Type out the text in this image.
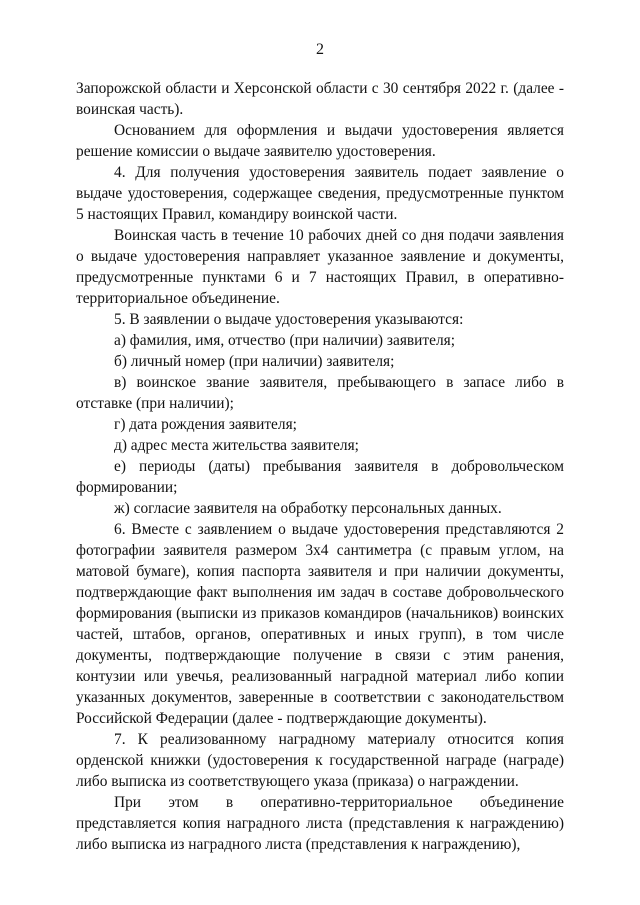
2

Запорожской области и Херсонской области с 30 сентября 2022 г. (далее - воинская часть).

Основанием для оформления и выдачи удостоверения является решение комиссии о выдаче заявителю удостоверения.

4. Для получения удостоверения заявитель подает заявление о выдаче удостоверения, содержащее сведения, предусмотренные пунктом 5 настоящих Правил, командиру воинской части.

Воинская часть в течение 10 рабочих дней со дня подачи заявления о выдаче удостоверения направляет указанное заявление и документы, предусмотренные пунктами 6 и 7 настоящих Правил, в оперативно-территориальное объединение.

5. В заявлении о выдаче удостоверения указываются:

а) фамилия, имя, отчество (при наличии) заявителя;

б) личный номер (при наличии) заявителя;

в) воинское звание заявителя, пребывающего в запасе либо в отставке (при наличии);

г) дата рождения заявителя;

д) адрес места жительства заявителя;

е) периоды (даты) пребывания заявителя в добровольческом формировании;

ж) согласие заявителя на обработку персональных данных.

6. Вместе с заявлением о выдаче удостоверения представляются 2 фотографии заявителя размером 3x4 сантиметра (с правым углом, на матовой бумаге), копия паспорта заявителя и при наличии документы, подтверждающие факт выполнения им задач в составе добровольческого формирования (выписки из приказов командиров (начальников) воинских частей, штабов, органов, оперативных и иных групп), в том числе документы, подтверждающие получение в связи с этим ранения, контузии или увечья, реализованный наградной материал либо копии указанных документов, заверенные в соответствии с законодательством Российской Федерации (далее - подтверждающие документы).

7. К реализованному наградному материалу относится копия орденской книжки (удостоверения к государственной награде (награде) либо выписка из соответствующего указа (приказа) о награждении.

При этом в оперативно-территориальное объединение представляется копия наградного листа (представления к награждению) либо выписка из наградного листа (представления к награждению),
